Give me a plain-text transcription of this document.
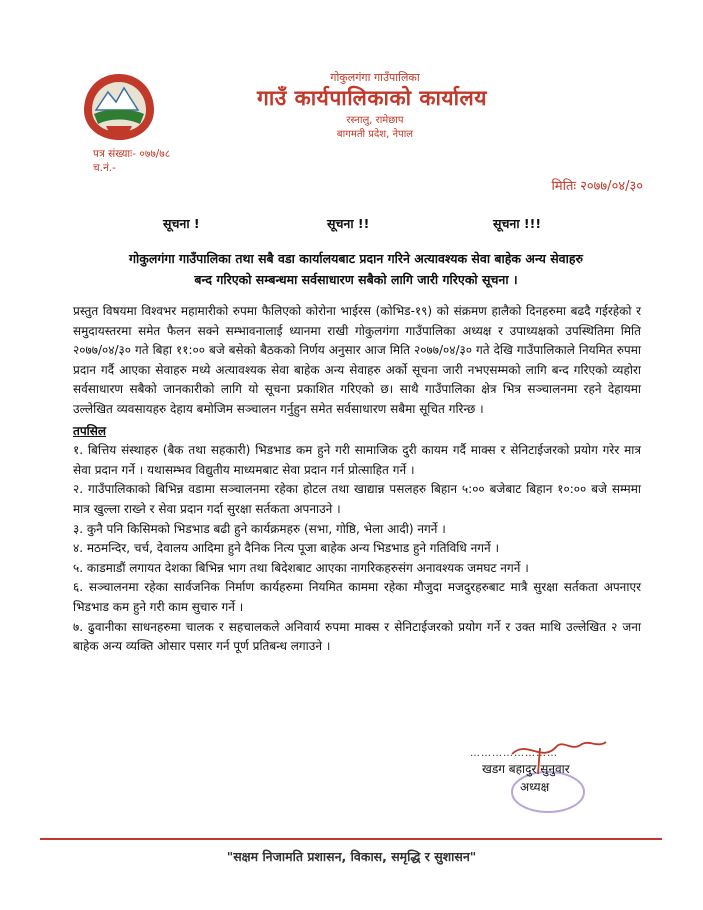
गोकुलगंगा गाउँपालिका
गाउँ कार्यपालिकाको कार्यालय
रस्नालु, रामेछाप
बागमती प्रदेश, नेपाल
पत्र संख्याः- ०७७/७८
च.नं.-
मितिः २०७७/०४/३०
सूचना !	सूचना !!	सूचना !!!
गोकुलगंगा गाउँपालिका तथा सबै वडा कार्यालयबाट प्रदान गरिने अत्यावश्यक सेवा बाहेक अन्य सेवाहरु
बन्द गरिएको सम्बन्धमा सर्वसाधारण सबैको लागि जारी गरिएको सूचना ।

प्रस्तुत विषयमा विश्वभर महामारीको रुपमा फैलिएको कोरोना भाईरस (कोभिड-१९) को संक्रमण हालैको दिनहरुमा बढदै गईरहेको र समुदायस्तरमा समेत फैलन सक्ने सम्भावनालाई ध्यानमा राखी गोकुलगंगा गाउँपालिका अध्यक्ष र उपाध्यक्षको उपस्थितिमा मिति २०७७/०४/३० गते बिहा ११:०० बजे बसेको बैठकको निर्णय अनुसार आज मिति २०७७/०४/३० गते देखि गाउँपालिकाले नियमित रुपमा प्रदान गर्दै आएका सेवाहरु मध्ये अत्यावश्यक सेवा बाहेक अन्य सेवाहरु अर्को सूचना जारी नभएसम्मको लागि बन्द गरिएको व्यहोरा सर्वसाधारण सबैको जानकारीको लागि यो सूचना प्रकाशित गरिएको छ। साथै गाउँपालिका क्षेत्र भित्र सञ्चालनमा रहने देहायमा उल्लेखित व्यवसायहरु देहाय बमोजिम सञ्चालन गर्नुहुन समेत सर्वसाधारण सबैमा सूचित गरिन्छ ।

तपसिल

१. बित्तिय संस्थाहरु (बैक तथा सहकारी) भिडभाड कम हुने गरी सामाजिक दुरी कायम गर्दै माक्स र सेनिटाईजरको प्रयोग गरेर मात्र सेवा प्रदान गर्ने । यथासम्भव विद्युतीय माध्यमबाट सेवा प्रदान गर्न प्रोत्साहित गर्ने ।

२. गाउँपालिकाको बिभिन्न वडामा सञ्चालनमा रहेका होटल तथा खाद्यान्न पसलहरु बिहान ५:०० बजेबाट बिहान १०:०० बजे सम्ममा मात्र खुल्ला राख्ने र सेवा प्रदान गर्दा सुरक्षा सर्तकता अपनाउने ।

३. कुनै पनि किसिमको भिडभाड बढी हुने कार्यक्रमहरु (सभा, गोष्ठि, भेला आदी) नगर्ने ।

४. मठमन्दिर, चर्च, देवालय आदिमा हुने दैनिक नित्य पूजा बाहेक अन्य भिडभाड हुने गतिविधि नगर्ने ।

५. काडमाडौं लगायत देशका बिभिन्न भाग तथा बिदेशबाट आएका नागरिकहरुसंग अनावश्यक जमघट नगर्ने ।

६. सञ्चालनमा रहेका सार्वजनिक निर्माण कार्यहरुमा नियमित काममा रहेका मौजुदा मजदुरहरुबाट मात्रै सुरक्षा सर्तकता अपनाएर भिडभाड कम हुने गरी काम सुचारु गर्ने ।

७. ढुवानीका साधनहरुमा चालक र सहचालकले अनिवार्य रुपमा माक्स र सेनिटाईजरको प्रयोग गर्ने र उक्त माथि उल्लेखित २ जना बाहेक अन्य व्यक्ति ओसार पसार गर्न पूर्ण प्रतिबन्ध लगाउने ।

……………………
खडग बहादुर सुनुवार
अध्यक्ष
"सक्षम निजामति प्रशासन, विकास, समृद्धि र सुशासन"
